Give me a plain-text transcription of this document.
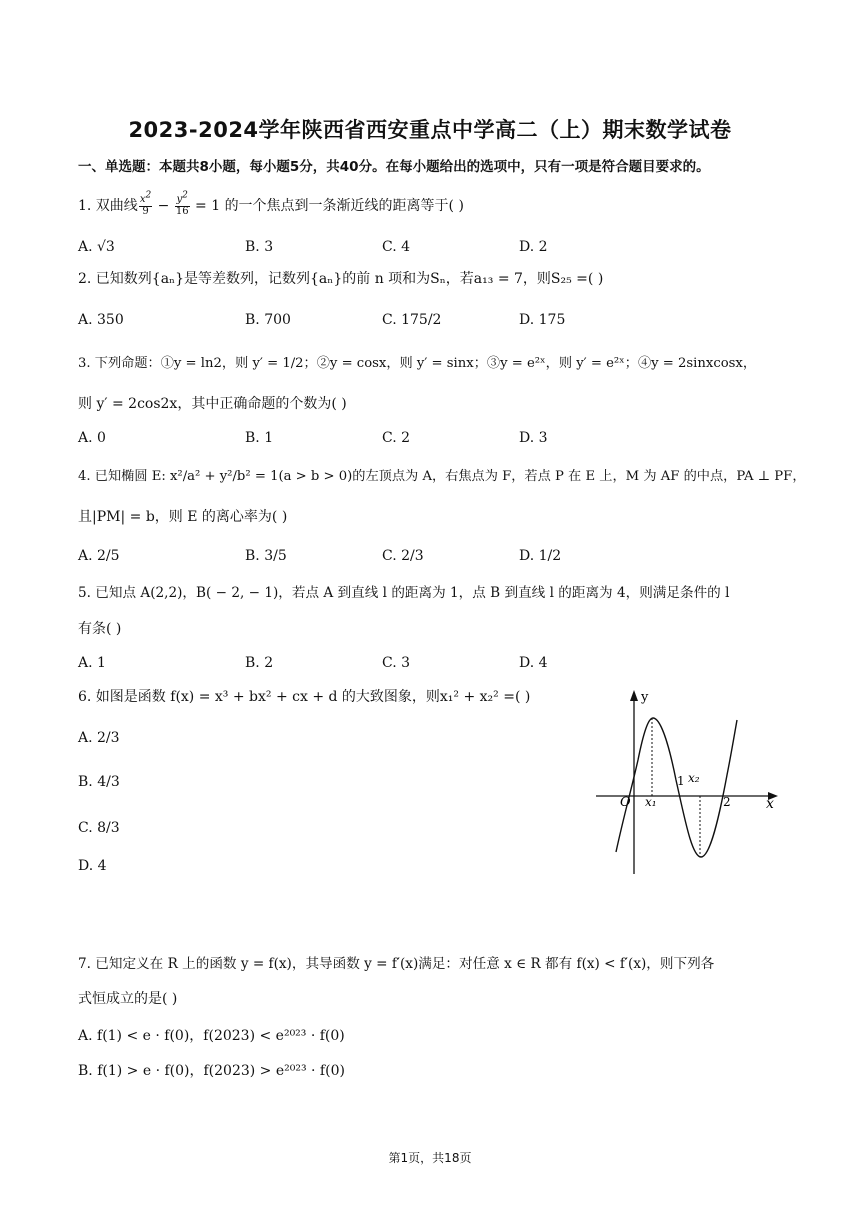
2023-2024学年陕西省西安重点中学高二（上）期末数学试卷
一、单选题：本题共8小题，每小题5分，共40分。在每小题给出的选项中，只有一项是符合题目要求的。
1. 双曲线 $\frac{x^2}{9} - \frac{y^2}{16} = 1$ 的一个焦点到一条渐近线的距离等于( )
A. √3	B. 3	C. 4	D. 2
2. 已知数列{aₙ}是等差数列，记数列{aₙ}的前 n 项和为Sₙ，若a₁₃ = 7，则S₂₅ =( )
A. 350	B. 700	C. 175/2	D. 175
3. 下列命题：①y = ln2，则 y′ = 1/2；②y = cosx，则 y′ = sinx；③y = e²ˣ，则 y′ = e²ˣ；④y = 2sinxcosx，
则 y′ = 2cos2x，其中正确命题的个数为( )
A. 0	B. 1	C. 2	D. 3
4. 已知椭圆 E: x²/a² + y²/b² = 1(a > b > 0)的左顶点为 A，右焦点为 F，若点 P 在 E 上，M 为 AF 的中点，PA ⊥ PF，
且|PM| = b，则 E 的离心率为( )
A. 2/5	B. 3/5	C. 2/3	D. 1/2
5. 已知点 A(2,2)，B( − 2, − 1)，若点 A 到直线 l 的距离为 1，点 B 到直线 l 的距离为 4，则满足条件的 l
有条( )
A. 1	B. 2	C. 3	D. 4
6. 如图是函数 f(x) = x³ + bx² + cx + d 的大致图象，则x₁² + x₂² =( )
A. 2/3
B. 4/3
C. 8/3
D. 4
y
x
O x₁
1 x₂
2
7. 已知定义在 R 上的函数 y = f(x)，其导函数 y = f′(x)满足：对任意 x ∈ R 都有 f(x) < f′(x)，则下列各
式恒成立的是( )
A. f(1) < e · f(0)，f(2023) < e²⁰²³ · f(0)
B. f(1) > e · f(0)，f(2023) > e²⁰²³ · f(0)
第1页，共18页
